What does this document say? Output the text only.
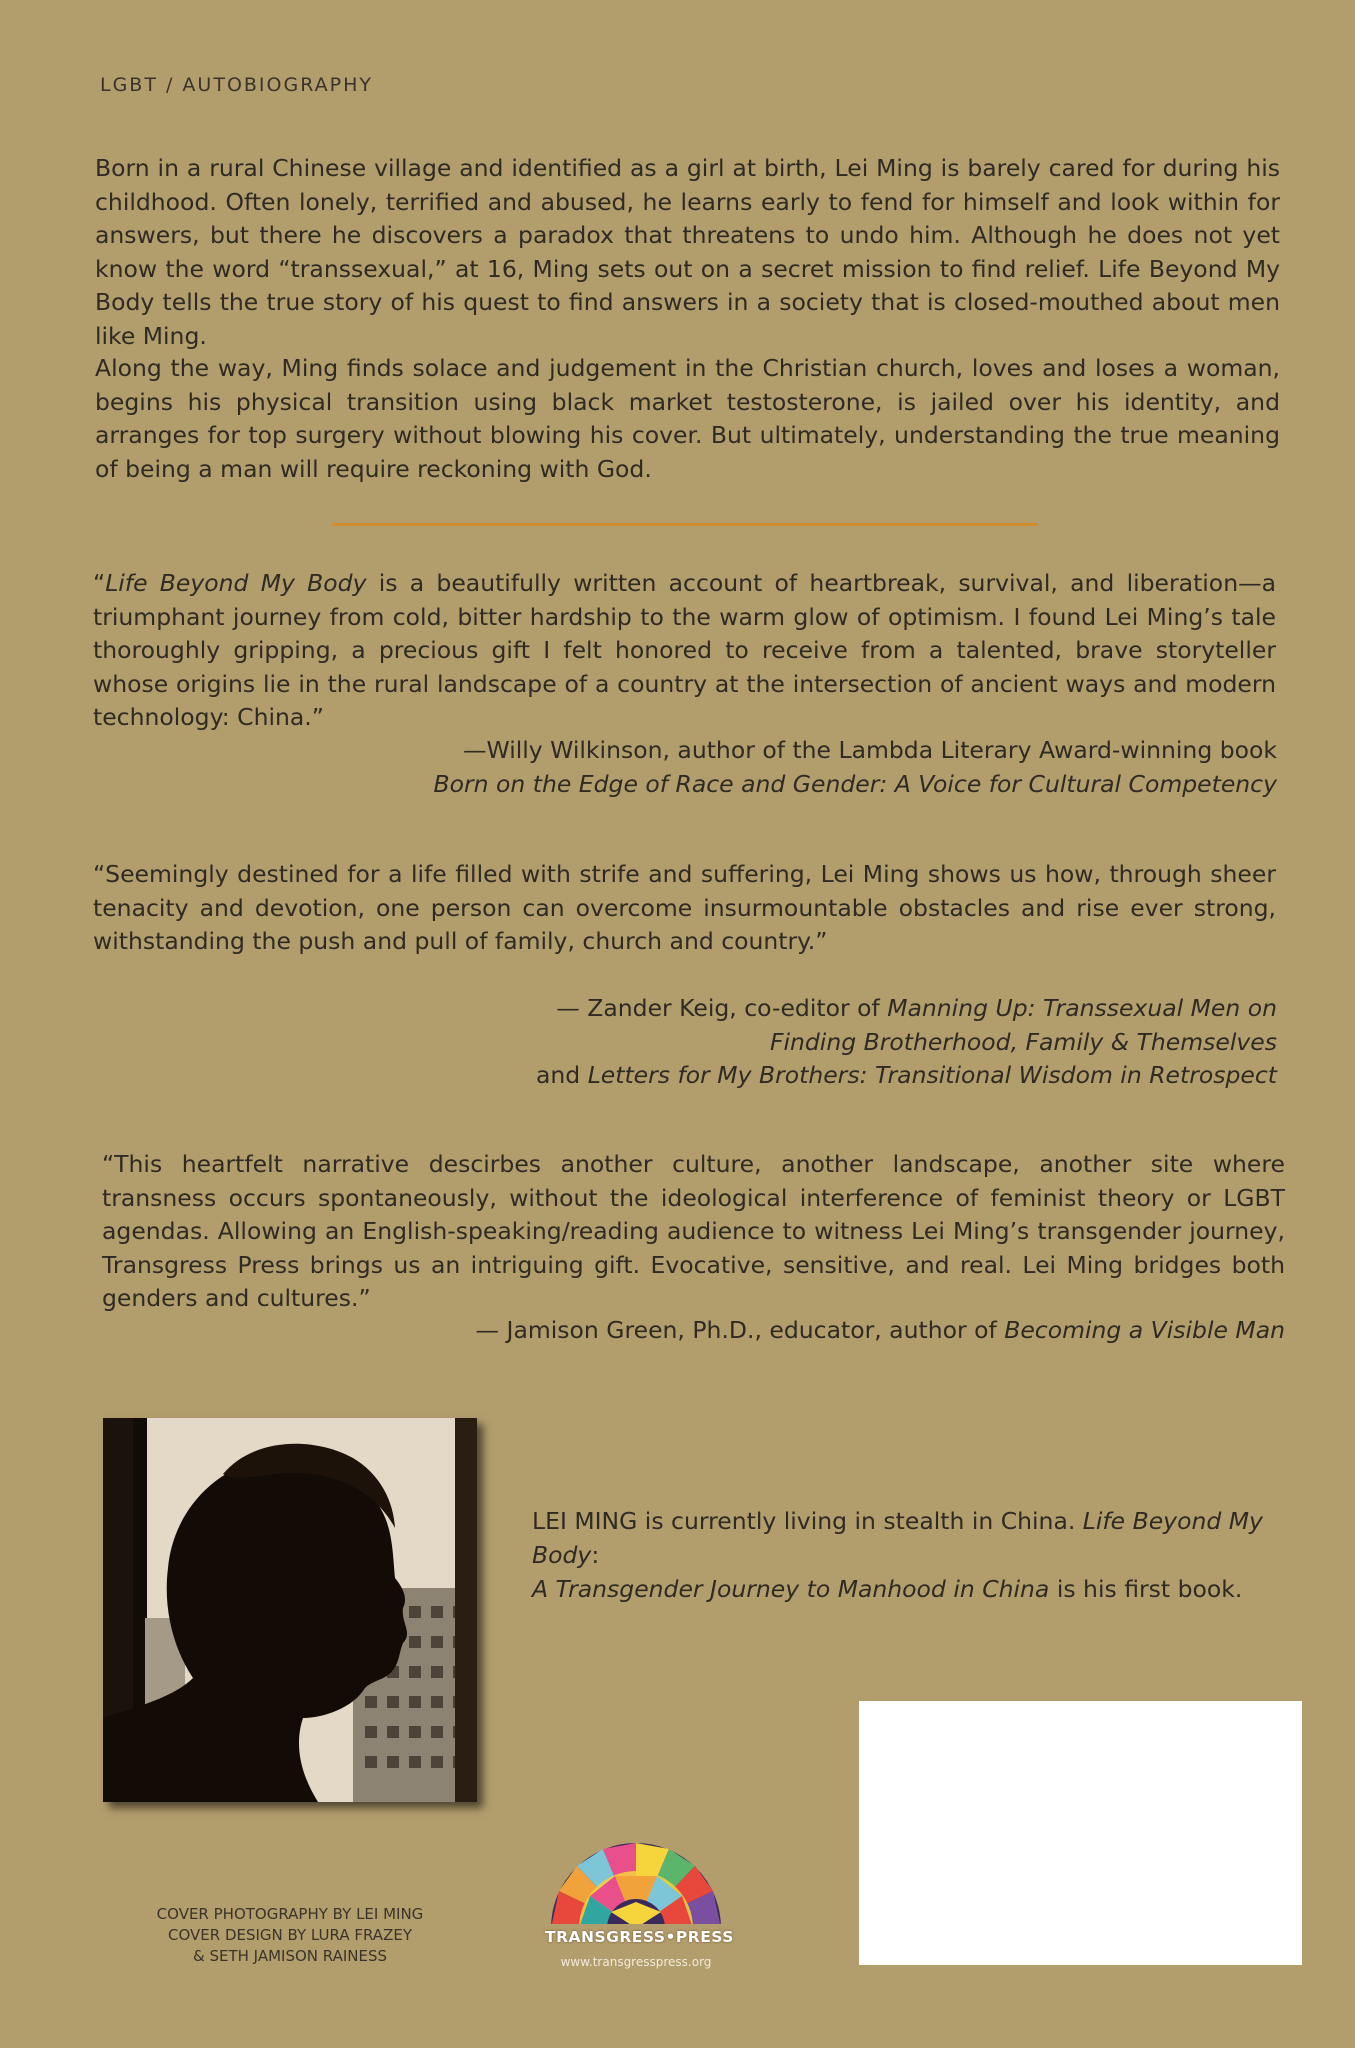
LGBT / AUTOBIOGRAPHY

Born in a rural Chinese village and identified as a girl at birth, Lei Ming is barely cared for during his childhood. Often lonely, terrified and abused, he learns early to fend for himself and look within for answers, but there he discovers a paradox that threatens to undo him. Although he does not yet know the word “transsexual,” at 16, Ming sets out on a secret mission to find relief. Life Beyond My Body tells the true story of his quest to find answers in a society that is closed-mouthed about men like Ming.

Along the way, Ming finds solace and judgement in the Christian church, loves and loses a woman, begins his physical transition using black market testosterone, is jailed over his identity, and arranges for top surgery without blowing his cover. But ultimately, understanding the true meaning of being a man will require reckoning with God.

“Life Beyond My Body is a beautifully written account of heartbreak, survival, and liberation—a triumphant journey from cold, bitter hardship to the warm glow of optimism. I found Lei Ming’s tale thoroughly gripping, a precious gift I felt honored to receive from a talented, brave storyteller whose origins lie in the rural landscape of a country at the intersection of ancient ways and modern technology: China.”

—Willy Wilkinson, author of the Lambda Literary Award-winning book
Born on the Edge of Race and Gender: A Voice for Cultural Competency

“Seemingly destined for a life filled with strife and suffering, Lei Ming shows us how, through sheer tenacity and devotion, one person can overcome insurmountable obstacles and rise ever strong, withstanding the push and pull of family, church and country.”

— Zander Keig, co-editor of Manning Up: Transsexual Men on
Finding Brotherhood, Family & Themselves
and Letters for My Brothers: Transitional Wisdom in Retrospect

“This heartfelt narrative descirbes another culture, another landscape, another site where transness occurs spontaneously, without the ideological interference of feminist theory or LGBT agendas. Allowing an English-speaking/reading audience to witness Lei Ming’s transgender journey, Transgress Press brings us an intriguing gift. Evocative, sensitive, and real. Lei Ming bridges both genders and cultures.”

— Jamison Green, Ph.D., educator, author of Becoming a Visible Man

LEI MING is currently living in stealth in China. Life Beyond My Body:
A Transgender Journey to Manhood in China is his first book.

COVER PHOTOGRAPHY BY LEI MING
COVER DESIGN BY LURA FRAZEY
& SETH JAMISON RAINESS
TRANSGRESS•PRESS
www.transgresspress.org
